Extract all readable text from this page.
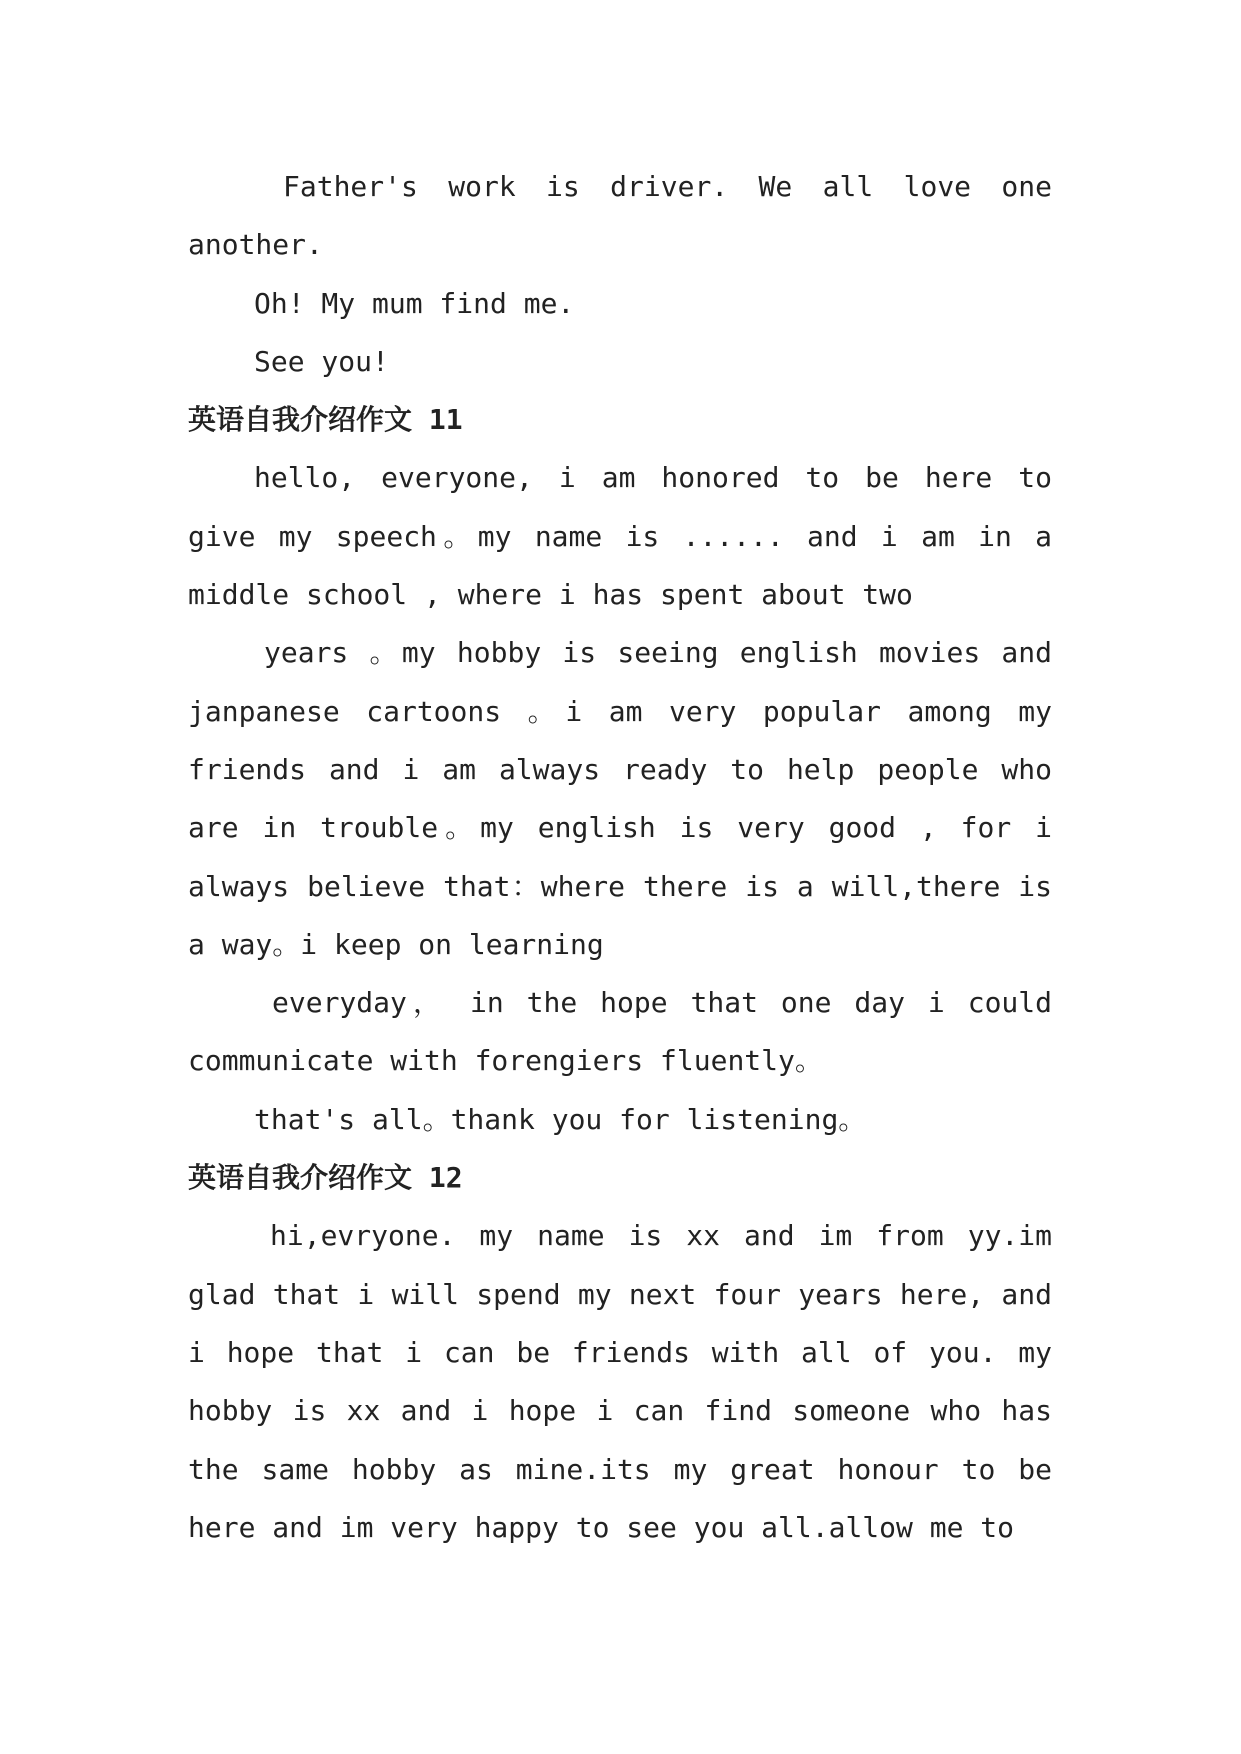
Father's work is driver. We all love one another.

Oh! My mum find me.

See you!

英语自我介绍作文 11

hello, everyone, i am honored to be here to give my speech。my name is ...... and i am in a middle school , where i has spent about two

years 。my hobby is seeing english movies and janpanese cartoons 。i am very popular among my friends and i am always ready to help people who are in trouble。my english is very good , for i always believe that：where there is a will,there is a way。i keep on learning

everyday， in the hope that one day i could communicate with forengiers fluently。

that's all。thank you for listening。

英语自我介绍作文 12

hi,evryone. my name is xx and im from yy.im glad that i will spend my next four years here, and i hope that i can be friends with all of you. my hobby is xx and i hope i can find someone who has the same hobby as mine.its my great honour to be here and im very happy to see you all.allow me to
